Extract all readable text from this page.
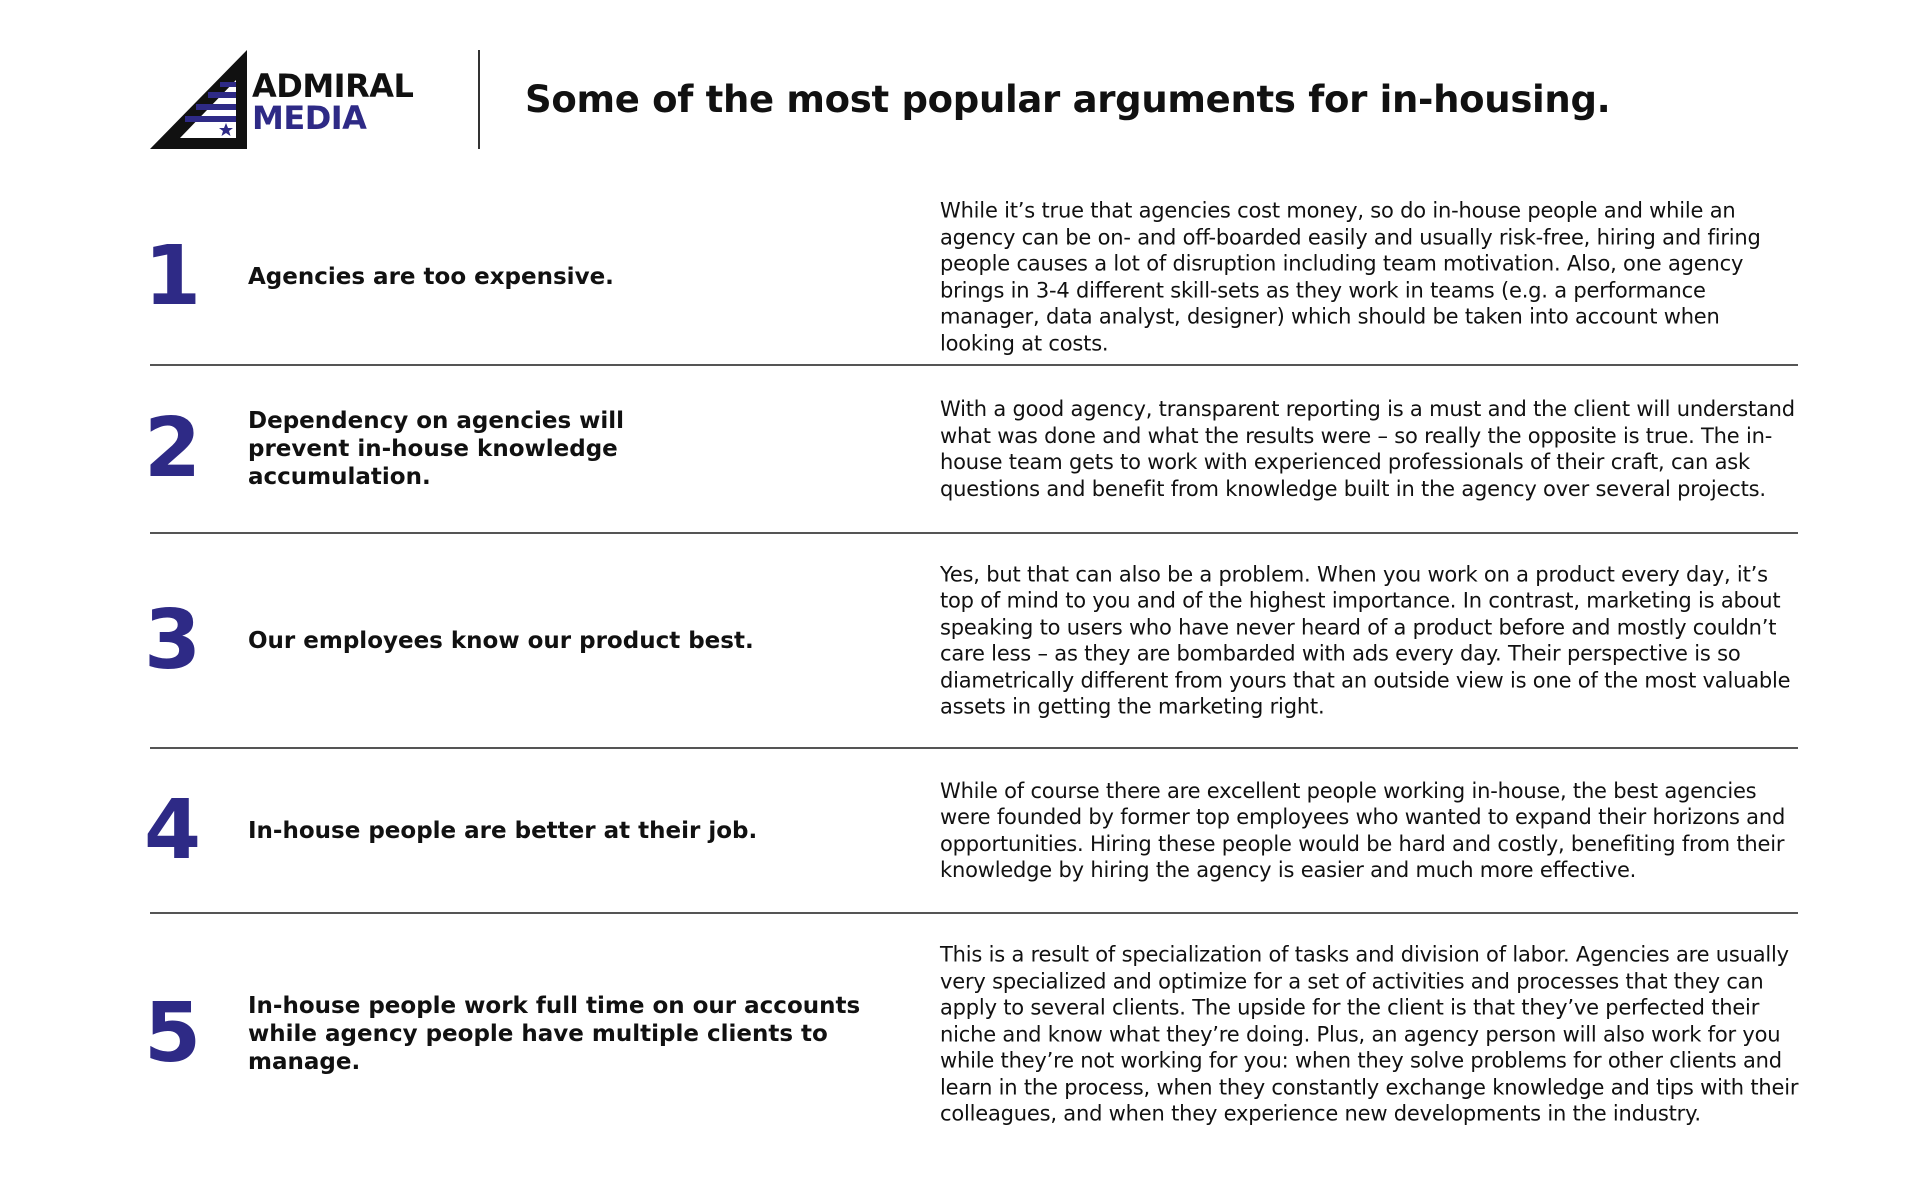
ADMIRAL
MEDIA	Some of the most popular arguments for in-housing.
1 Agencies are too expensive.
While it’s true that agencies cost money, so do in-house people and while an agency can be on- and off-boarded easily and usually risk-free, hiring and firing people causes a lot of disruption including team motivation. Also, one agency brings in 3-4 different skill-sets as they work in teams (e.g. a performance manager, data analyst, designer) which should be taken into account when looking at costs.
2 Dependency on agencies will prevent in-house knowledge accumulation.
With a good agency, transparent reporting is a must and the client will understand what was done and what the results were – so really the opposite is true. The in-house team gets to work with experienced professionals of their craft, can ask questions and benefit from knowledge built in the agency over several projects.
3 Our employees know our product best.
Yes, but that can also be a problem. When you work on a product every day, it’s top of mind to you and of the highest importance. In contrast, marketing is about speaking to users who have never heard of a product before and mostly couldn’t care less – as they are bombarded with ads every day. Their perspective is so diametrically different from yours that an outside view is one of the most valuable assets in getting the marketing right.
4 In-house people are better at their job.
While of course there are excellent people working in-house, the best agencies were founded by former top employees who wanted to expand their horizons and opportunities. Hiring these people would be hard and costly, benefiting from their knowledge by hiring the agency is easier and much more effective.
5 In-house people work full time on our accounts while agency people have multiple clients to manage.
This is a result of specialization of tasks and division of labor. Agencies are usually very specialized and optimize for a set of activities and processes that they can apply to several clients. The upside for the client is that they’ve perfected their niche and know what they’re doing. Plus, an agency person will also work for you while they’re not working for you: when they solve problems for other clients and learn in the process, when they constantly exchange knowledge and tips with their colleagues, and when they experience new developments in the industry.
